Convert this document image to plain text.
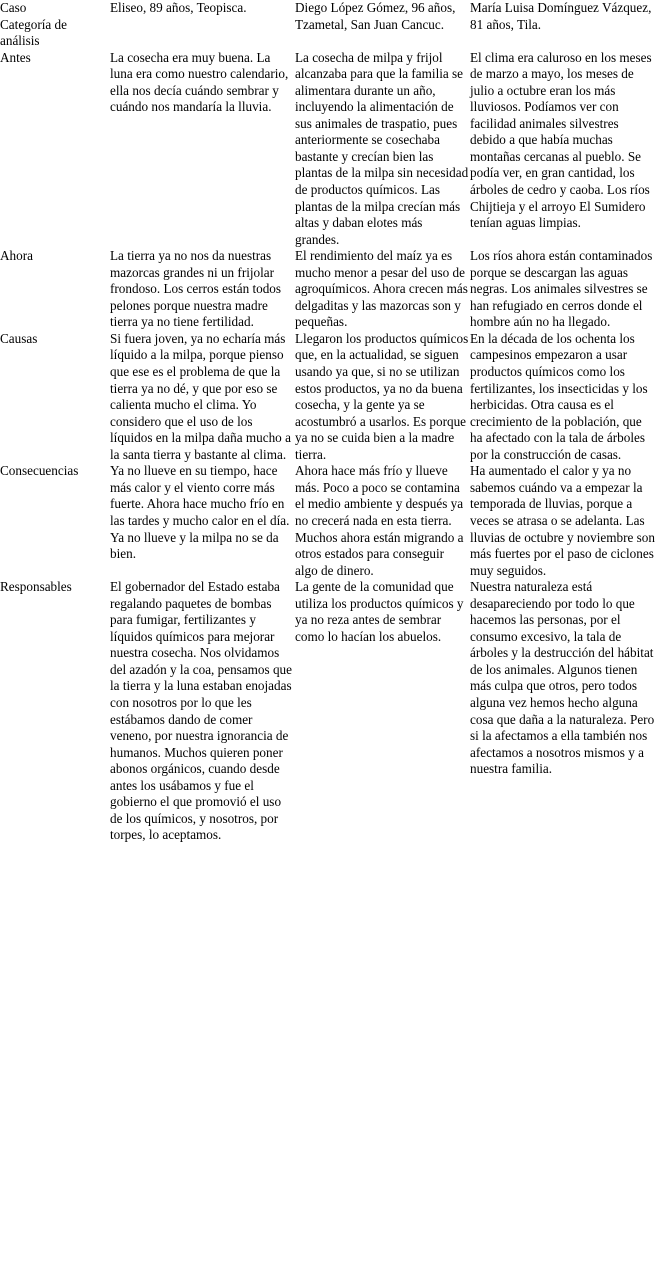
Caso
Categoría de
análisis	Eliseo, 89 años, Teopisca.	Diego López Gómez, 96 años, Tzametal, San Juan Cancuc.	María Luisa Domínguez Vázquez, 81 años, Tila.

Antes	La cosecha era muy buena. La luna era como nuestro calendario, ella nos decía cuándo sembrar y cuándo nos mandaría la lluvia.	La cosecha de milpa y frijol alcanzaba para que la familia se alimentara durante un año, incluyendo la alimentación de sus animales de traspatio, pues anteriormente se cosechaba bastante y crecían bien las plantas de la milpa sin necesidad de productos químicos. Las plantas de la milpa crecían más altas y daban elotes más grandes.	El clima era caluroso en los meses de marzo a mayo, los meses de julio a octubre eran los más lluviosos. Podíamos ver con facilidad animales silvestres debido a que había muchas montañas cercanas al pueblo. Se podía ver, en gran cantidad, los árboles de cedro y caoba. Los ríos Chijtieja y el arroyo El Sumidero tenían aguas limpias.

Ahora	La tierra ya no nos da nuestras mazorcas grandes ni un frijolar frondoso. Los cerros están todos pelones porque nuestra madre tierra ya no tiene fertilidad.	El rendimiento del maíz ya es mucho menor a pesar del uso de agroquímicos. Ahora crecen más delgaditas y las mazorcas son y pequeñas.	Los ríos ahora están contaminados porque se descargan las aguas negras. Los animales silvestres se han refugiado en cerros donde el hombre aún no ha llegado.

Causas	Si fuera joven, ya no echaría más líquido a la milpa, porque pienso que ese es el problema de que la tierra ya no dé, y que por eso se calienta mucho el clima. Yo considero que el uso de los líquidos en la milpa daña mucho a la santa tierra y bastante al clima.	Llegaron los productos químicos que, en la actualidad, se siguen usando ya que, si no se utilizan estos productos, ya no da buena cosecha, y la gente ya se acostumbró a usarlos. Es porque ya no se cuida bien a la madre tierra.	En la década de los ochenta los campesinos empezaron a usar productos químicos como los fertilizantes, los insecticidas y los herbicidas. Otra causa es el crecimiento de la población, que ha afectado con la tala de árboles por la construcción de casas.

Consecuencias	Ya no llueve en su tiempo, hace más calor y el viento corre más fuerte. Ahora hace mucho frío en las tardes y mucho calor en el día. Ya no llueve y la milpa no se da bien.	Ahora hace más frío y llueve más. Poco a poco se contamina el medio ambiente y después ya no crecerá nada en esta tierra. Muchos ahora están migrando a otros estados para conseguir algo de dinero.	Ha aumentado el calor y ya no sabemos cuándo va a empezar la temporada de lluvias, porque a veces se atrasa o se adelanta. Las lluvias de octubre y noviembre son más fuertes por el paso de ciclones muy seguidos.

Responsables	El gobernador del Estado estaba regalando paquetes de bombas para fumigar, fertilizantes y líquidos químicos para mejorar nuestra cosecha. Nos olvidamos del azadón y la coa, pensamos que la tierra y la luna estaban enojadas con nosotros por lo que les estábamos dando de comer veneno, por nuestra ignorancia de humanos. Muchos quieren poner abonos orgánicos, cuando desde antes los usábamos y fue el gobierno el que promovió el uso de los químicos, y nosotros, por torpes, lo aceptamos.	La gente de la comunidad que utiliza los productos químicos y ya no reza antes de sembrar como lo hacían los abuelos.	Nuestra naturaleza está desapareciendo por todo lo que hacemos las personas, por el consumo excesivo, la tala de árboles y la destrucción del hábitat de los animales. Algunos tienen más culpa que otros, pero todos alguna vez hemos hecho alguna cosa que daña a la naturaleza. Pero si la afectamos a ella también nos afectamos a nosotros mismos y a nuestra familia.
